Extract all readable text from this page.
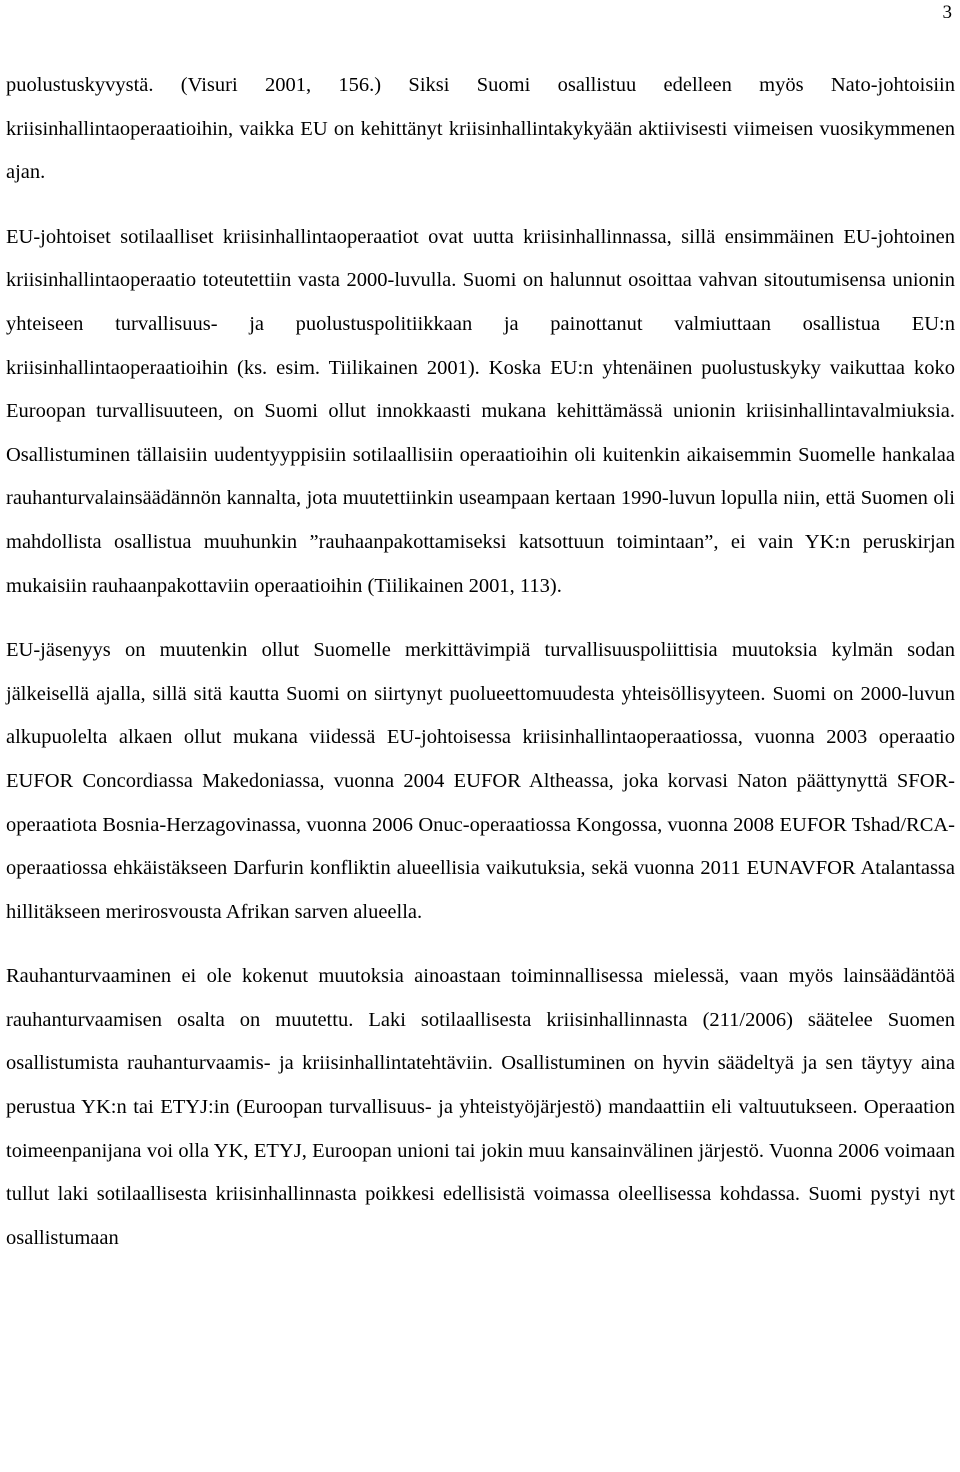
3

puolustuskyvystä. (Visuri 2001, 156.) Siksi Suomi osallistuu edelleen myös Nato-johtoisiin kriisinhallintaoperaatioihin, vaikka EU on kehittänyt kriisinhallintakykyään aktiivisesti viimeisen vuosikymmenen ajan.

EU-johtoiset sotilaalliset kriisinhallintaoperaatiot ovat uutta kriisinhallinnassa, sillä ensimmäinen EU-johtoinen kriisinhallintaoperaatio toteutettiin vasta 2000-luvulla. Suomi on halunnut osoittaa vahvan sitoutumisensa unionin yhteiseen turvallisuus- ja puolustuspolitiikkaan ja painottanut valmiuttaan osallistua EU:n kriisinhallintaoperaatioihin (ks. esim. Tiilikainen 2001). Koska EU:n yhtenäinen puolustuskyky vaikuttaa koko Euroopan turvallisuuteen, on Suomi ollut innokkaasti mukana kehittämässä unionin kriisinhallintavalmiuksia. Osallistuminen tällaisiin uudentyyppisiin sotilaallisiin operaatioihin oli kuitenkin aikaisemmin Suomelle hankalaa rauhanturvalainsäädännön kannalta, jota muutettiinkin useampaan kertaan 1990-luvun lopulla niin, että Suomen oli mahdollista osallistua muuhunkin ”rauhaanpakottamiseksi katsottuun toimintaan”, ei vain YK:n peruskirjan mukaisiin rauhaanpakottaviin operaatioihin (Tiilikainen 2001, 113).

EU-jäsenyys on muutenkin ollut Suomelle merkittävimpiä turvallisuuspoliittisia muutoksia kylmän sodan jälkeisellä ajalla, sillä sitä kautta Suomi on siirtynyt puolueettomuudesta yhteisöllisyyteen. Suomi on 2000-luvun alkupuolelta alkaen ollut mukana viidessä EU-johtoisessa kriisinhallintaoperaatiossa, vuonna 2003 operaatio EUFOR Concordiassa Makedoniassa, vuonna 2004 EUFOR Altheassa, joka korvasi Naton päättynyttä SFOR-operaatiota Bosnia-Herzagovinassa, vuonna 2006 Onuc-operaatiossa Kongossa, vuonna 2008 EUFOR Tshad/RCA-operaatiossa ehkäistäkseen Darfurin konfliktin alueellisia vaikutuksia, sekä vuonna 2011 EUNAVFOR Atalantassa hillitäkseen merirosvousta Afrikan sarven alueella.

Rauhanturvaaminen ei ole kokenut muutoksia ainoastaan toiminnallisessa mielessä, vaan myös lainsäädäntöä rauhanturvaamisen osalta on muutettu. Laki sotilaallisesta kriisinhallinnasta (211/2006) säätelee Suomen osallistumista rauhanturvaamis- ja kriisinhallintatehtäviin. Osallistuminen on hyvin säädeltyä ja sen täytyy aina perustua YK:n tai ETYJ:in (Euroopan turvallisuus- ja yhteistyöjärjestö) mandaattiin eli valtuutukseen. Operaation toimeenpanijana voi olla YK, ETYJ, Euroopan unioni tai jokin muu kansainvälinen järjestö. Vuonna 2006 voimaan tullut laki sotilaallisesta kriisinhallinnasta poikkesi edellisistä voimassa oleellisessa kohdassa. Suomi pystyi nyt osallistumaan
